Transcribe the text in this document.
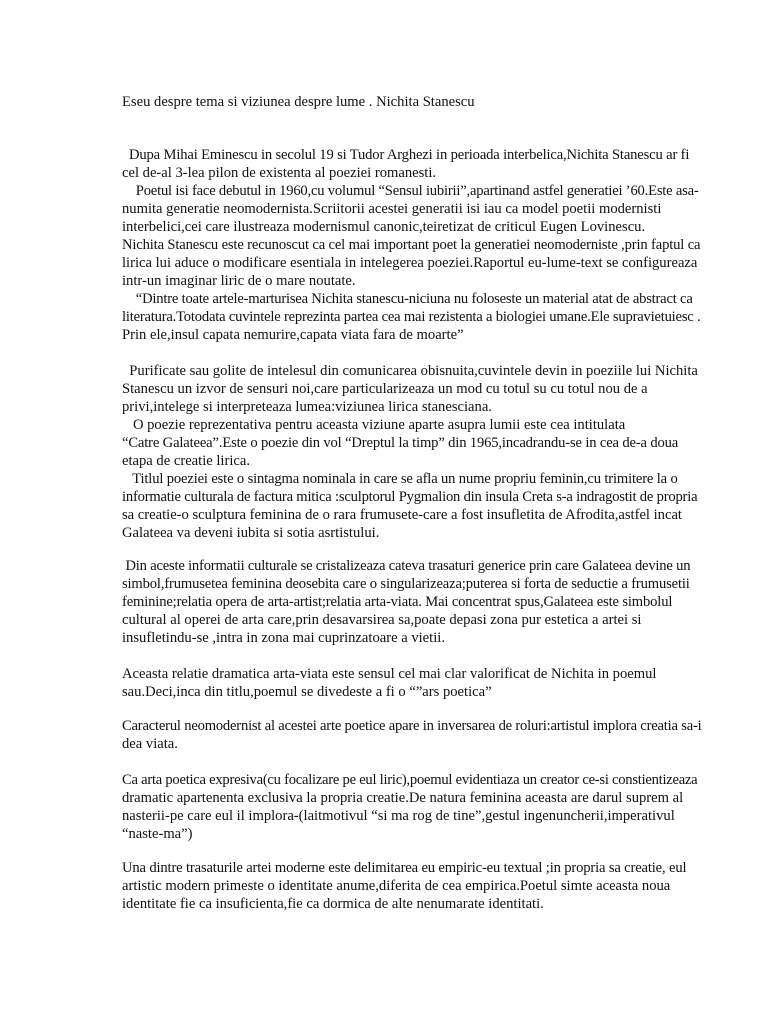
Eseu despre tema si viziunea despre lume . Nichita Stanescu
Dupa Mihai Eminescu in secolul 19 si Tudor Arghezi in perioada interbelica,Nichita Stanescu ar fi
cel de-al 3-lea pilon de existenta al poeziei romanesti.
Poetul isi face debutul in 1960,cu volumul “Sensul iubirii”,apartinand astfel generatiei ’60.Este asa-
numita generatie neomodernista.Scriitorii acestei generatii isi iau ca model poetii modernisti
interbelici,cei care ilustreaza modernismul canonic,teiretizat de criticul Eugen Lovinescu.
Nichita Stanescu este recunoscut ca cel mai important poet la generatiei neomoderniste ,prin faptul ca
lirica lui aduce o modificare esentiala in intelegerea poeziei.Raportul eu-lume-text se configureaza
intr-un imaginar liric de o mare noutate.
“Dintre toate artele-marturisea Nichita stanescu-niciuna nu foloseste un material atat de abstract ca
literatura.Totodata cuvintele reprezinta partea cea mai rezistenta a biologiei umane.Ele supravietuiesc .
Prin ele,insul capata nemurire,capata viata fara de moarte”
Purificate sau golite de intelesul din comunicarea obisnuita,cuvintele devin in poeziile lui Nichita
Stanescu un izvor de sensuri noi,care particularizeaza un mod cu totul su cu totul nou de a
privi,intelege si interpreteaza lumea:viziunea lirica stanesciana.
O poezie reprezentativa pentru aceasta viziune aparte asupra lumii este cea intitulata
“Catre Galateea”.Este o poezie din vol “Dreptul la timp” din 1965,incadrandu-se in cea de-a doua
etapa de creatie lirica.
Titlul poeziei este o sintagma nominala in care se afla un nume propriu feminin,cu trimitere la o
informatie culturala de factura mitica :sculptorul Pygmalion din insula Creta s-a indragostit de propria
sa creatie-o sculptura feminina de o rara frumusete-care a fost insufletita de Afrodita,astfel incat
Galateea va deveni iubita si sotia asrtistului.
Din aceste informatii culturale se cristalizeaza cateva trasaturi generice prin care Galateea devine un
simbol,frumusetea feminina deosebita care o singularizeaza;puterea si forta de seductie a frumusetii
feminine;relatia opera de arta-artist;relatia arta-viata. Mai concentrat spus,Galateea este simbolul
cultural al operei de arta care,prin desavarsirea sa,poate depasi zona pur estetica a artei si
insufletindu-se ,intra in zona mai cuprinzatoare a vietii.
Aceasta relatie dramatica arta-viata este sensul cel mai clar valorificat de Nichita in poemul
sau.Deci,inca din titlu,poemul se divedeste a fi o “”ars poetica”
Caracterul neomodernist al acestei arte poetice apare in inversarea de roluri:artistul implora creatia sa-i
dea viata.
Ca arta poetica expresiva(cu focalizare pe eul liric),poemul evidentiaza un creator ce-si constientizeaza
dramatic apartenenta exclusiva la propria creatie.De natura feminina aceasta are darul suprem al
nasterii-pe care eul il implora-(laitmotivul “si ma rog de tine”,gestul ingenuncherii,imperativul
“naste-ma”)
Una dintre trasaturile artei moderne este delimitarea eu empiric-eu textual ;in propria sa creatie, eul
artistic modern primeste o identitate anume,diferita de cea empirica.Poetul simte aceasta noua
identitate fie ca insuficienta,fie ca dormica de alte nenumarate identitati.
